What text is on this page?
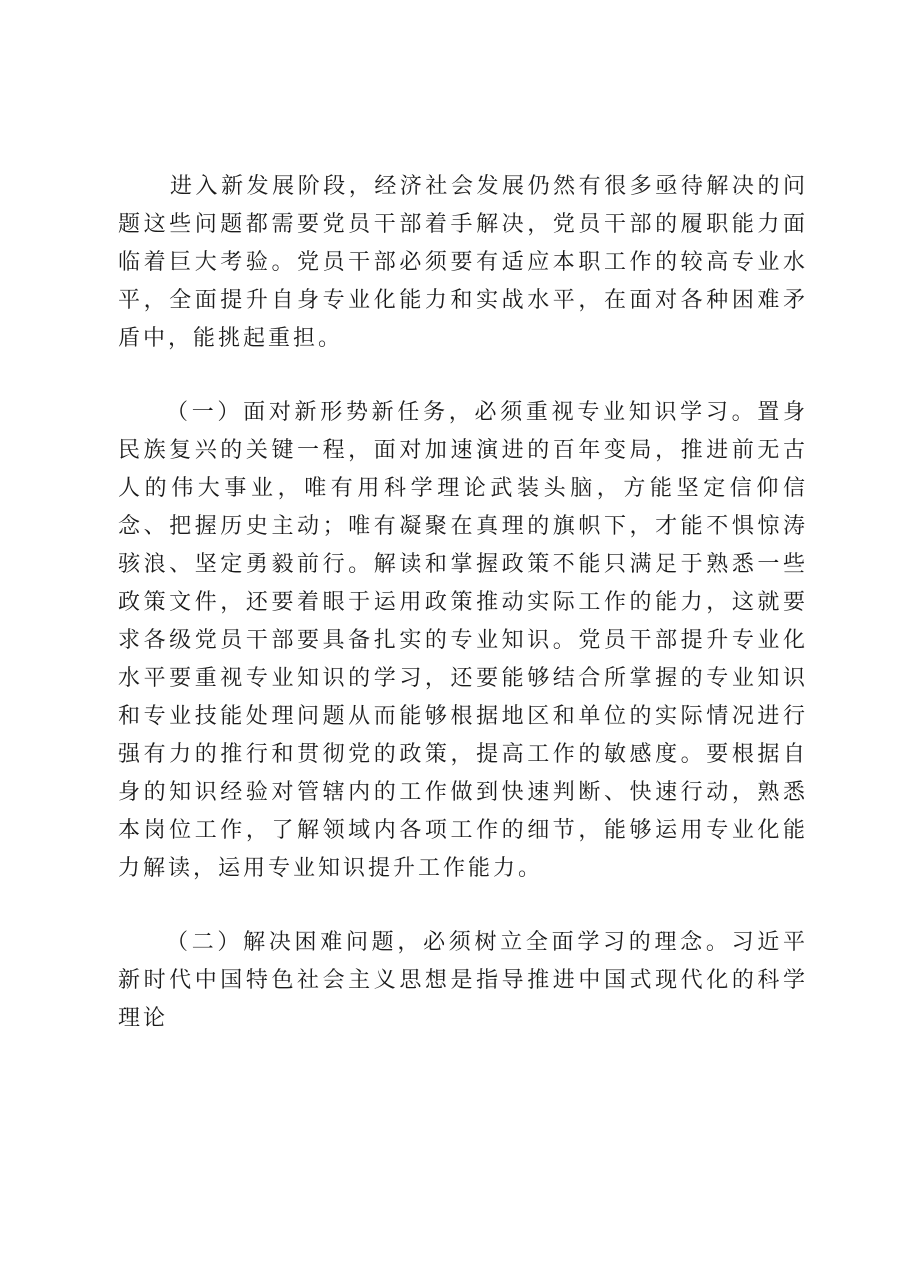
进入新发展阶段，经济社会发展仍然有很多亟待解决的问题这些问题都需要党员干部着手解决，党员干部的履职能力面临着巨大考验。党员干部必须要有适应本职工作的较高专业水平，全面提升自身专业化能力和实战水平，在面对各种困难矛盾中，能挑起重担。

（一）面对新形势新任务，必须重视专业知识学习。置身民族复兴的关键一程，面对加速演进的百年变局，推进前无古人的伟大事业，唯有用科学理论武装头脑，方能坚定信仰信念、把握历史主动；唯有凝聚在真理的旗帜下，才能不惧惊涛骇浪、坚定勇毅前行。解读和掌握政策不能只满足于熟悉一些政策文件，还要着眼于运用政策推动实际工作的能力，这就要求各级党员干部要具备扎实的专业知识。党员干部提升专业化水平要重视专业知识的学习，还要能够结合所掌握的专业知识和专业技能处理问题从而能够根据地区和单位的实际情况进行强有力的推行和贯彻党的政策，提高工作的敏感度。要根据自身的知识经验对管辖内的工作做到快速判断、快速行动，熟悉本岗位工作，了解领域内各项工作的细节，能够运用专业化能力解读，运用专业知识提升工作能力。

（二）解决困难问题，必须树立全面学习的理念。习近平新时代中国特色社会主义思想是指导推进中国式现代化的科学理论
